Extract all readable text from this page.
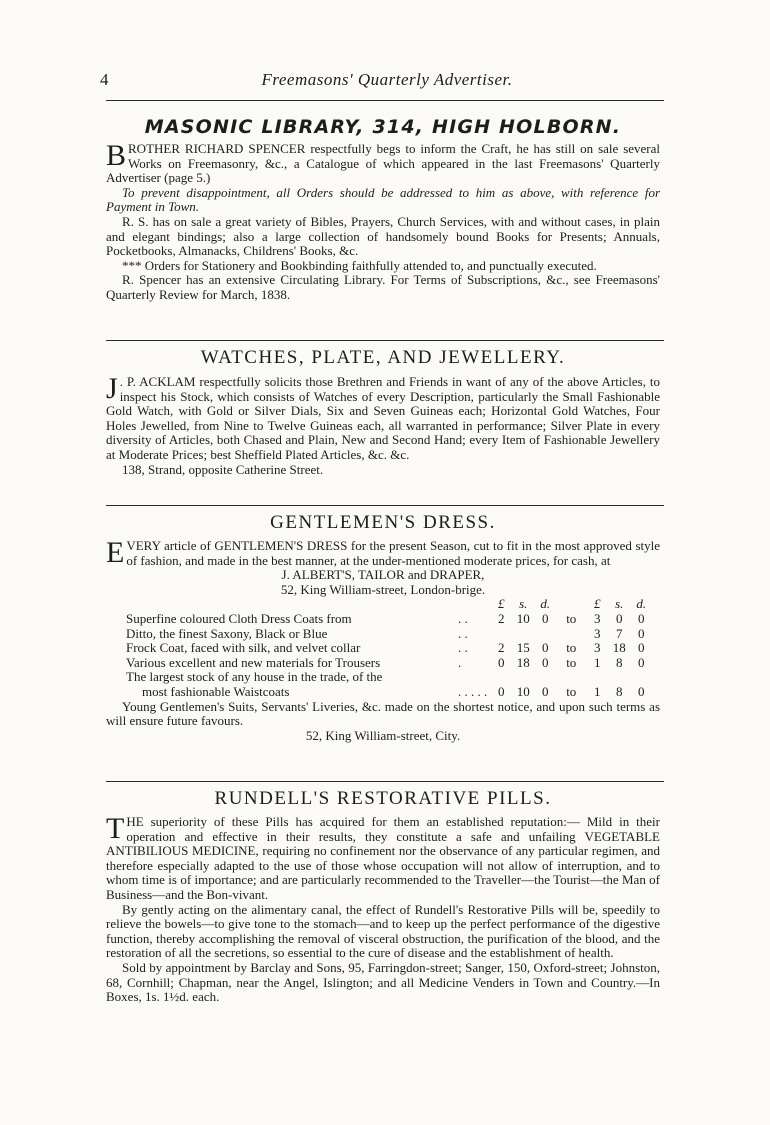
4	Freemasons' Quarterly Advertiser.
MASONIC LIBRARY, 314, HIGH HOLBORN.

BROTHER RICHARD SPENCER respectfully begs to inform the Craft, he has still on sale several Works on Freemasonry, &c., a Catalogue of which appeared in the last Freemasons' Quarterly Advertiser (page 5.)

To prevent disappointment, all Orders should be addressed to him as above, with reference for Payment in Town.

R. S. has on sale a great variety of Bibles, Prayers, Church Services, with and without cases, in plain and elegant bindings; also a large collection of handsomely bound Books for Presents; Annuals, Pocketbooks, Almanacks, Childrens' Books, &c.

*** Orders for Stationery and Bookbinding faithfully attended to, and punctually executed.

R. Spencer has an extensive Circulating Library. For Terms of Subscriptions, &c., see Freemasons' Quarterly Review for March, 1838.

WATCHES, PLATE, AND JEWELLERY.

J . P. ACKLAM respectfully solicits those Brethren and Friends in want of any of the above Articles, to inspect his Stock, which consists of Watches of every Description, particularly the Small Fashionable Gold Watch, with Gold or Silver Dials, Six and Seven Guineas each; Horizontal Gold Watches, Four Holes Jewelled, from Nine to Twelve Guineas each, all warranted in performance; Silver Plate in every diversity of Articles, both Chased and Plain, New and Second Hand; every Item of Fashionable Jewellery at Moderate Prices; best Sheffield Plated Articles, &c. &c.

138, Strand, opposite Catherine Street.

GENTLEMEN'S DRESS.

EVERY article of GENTLEMEN'S DRESS for the present Season, cut to fit in the most approved style of fashion, and made in the best manner, at the under-mentioned moderate prices, for cash, at

J. ALBERT'S, TAILOR and DRAPER,

52, King William-street, London-brige.

		£	s.	d.		£	s.	d.
Superfine coloured Cloth Dress Coats from	. .	2	10	0	to	3	0	0
Ditto, the finest Saxony, Black or Blue	. .					3	7	0
Frock Coat, faced with silk, and velvet collar	. .	2	15	0	to	3	18	0
Various excellent and new materials for Trousers	.	0	18	0	to	1	8	0
The largest stock of any house in the trade, of the								
most fashionable Waistcoats	. . . . .	0	10	0	to	1	8	0

Young Gentlemen's Suits, Servants' Liveries, &c. made on the shortest notice, and upon such terms as will ensure future favours.

52, King William-street, City.

RUNDELL'S RESTORATIVE PILLS.

THE superiority of these Pills has acquired for them an established reputation:— Mild in their operation and effective in their results, they constitute a safe and unfailing VEGETABLE ANTIBILIOUS MEDICINE, requiring no confinement nor the observance of any particular regimen, and therefore especially adapted to the use of those whose occupation will not allow of interruption, and to whom time is of importance; and are particularly recommended to the Traveller—the Tourist—the Man of Business—and the Bon-vivant.

By gently acting on the alimentary canal, the effect of Rundell's Restorative Pills will be, speedily to relieve the bowels—to give tone to the stomach—and to keep up the perfect performance of the digestive function, thereby accomplishing the removal of visceral obstruction, the purification of the blood, and the restoration of all the secretions, so essential to the cure of disease and the establishment of health.

Sold by appointment by Barclay and Sons, 95, Farringdon-street; Sanger, 150, Oxford-street; Johnston, 68, Cornhill; Chapman, near the Angel, Islington; and all Medicine Venders in Town and Country.—In Boxes, 1s. 1½d. each.
